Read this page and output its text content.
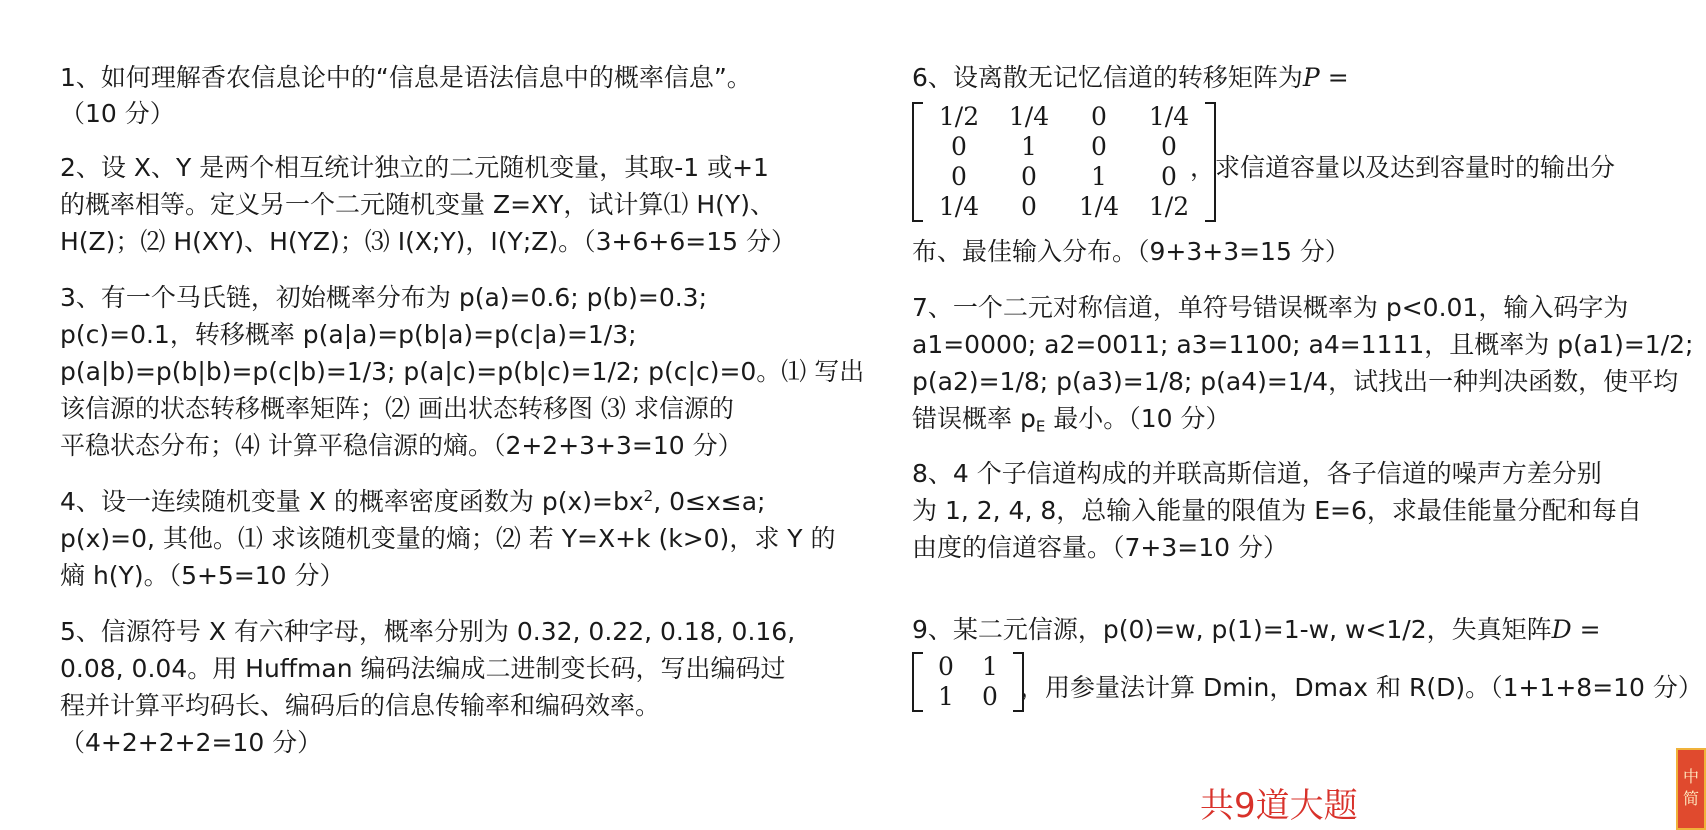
1、如何理解香农信息论中的“信息是语法信息中的概率信息”。
（10 分）
2、设 X、Y 是两个相互统计独立的二元随机变量，其取-1 或+1
的概率相等。定义另一个二元随机变量 Z=XY，试计算⑴ H(Y)、
H(Z)；⑵ H(XY)、H(YZ)；⑶ I(X;Y)，I(Y;Z)。（3+6+6=15 分）
3、有一个马氏链，初始概率分布为 p(a)=0.6; p(b)=0.3;
p(c)=0.1，转移概率 p(a|a)=p(b|a)=p(c|a)=1/3;
p(a|b)=p(b|b)=p(c|b)=1/3; p(a|c)=p(b|c)=1/2; p(c|c)=0。⑴ 写出
该信源的状态转移概率矩阵；⑵ 画出状态转移图 ⑶ 求信源的
平稳状态分布；⑷ 计算平稳信源的熵。（2+2+3+3=10 分）
4、设一连续随机变量 X 的概率密度函数为 $p(x)=bx^2$, 0≤x≤a;
p(x)=0, 其他。⑴ 求该随机变量的熵；⑵ 若 Y=X+k (k>0)，求 Y 的
熵 h(Y)。（5+5=10 分）
5、信源符号 X 有六种字母，概率分别为 0.32, 0.22, 0.18, 0.16,
0.08, 0.04。用 Huffman 编码法编成二进制变长码，写出编码过
程并计算平均码长、编码后的信息传输率和编码效率。
（4+2+2+2=10 分）
6、设离散无记忆信道的转移矩阵为P =
1/2	1/4	0	1/4
0	1	0	0
0	0	1	0
1/4	0	1/4	1/2
，求信道容量以及达到容量时的输出分
布、最佳输入分布。（9+3+3=15 分）
7、一个二元对称信道，单符号错误概率为 p<0.01，输入码字为
a1=0000; a2=0011; a3=1100; a4=1111，且概率为 p(a1)=1/2;
p(a2)=1/8; p(a3)=1/8; p(a4)=1/4，试找出一种判决函数，使平均
错误概率 $p_E$ 最小。（10 分）
8、4 个子信道构成的并联高斯信道，各子信道的噪声方差分别
为 1, 2, 4, 8，总输入能量的限值为 E=6，求最佳能量分配和每自
由度的信道容量。（7+3=10 分）
9、某二元信源，p(0)=w, p(1)=1-w, w<1/2，失真矩阵D =
0	1
1	0 ，用参量法计算 Dmin，Dmax 和 R(D)。（1+1+8=10 分）
共9道大题
中
简
